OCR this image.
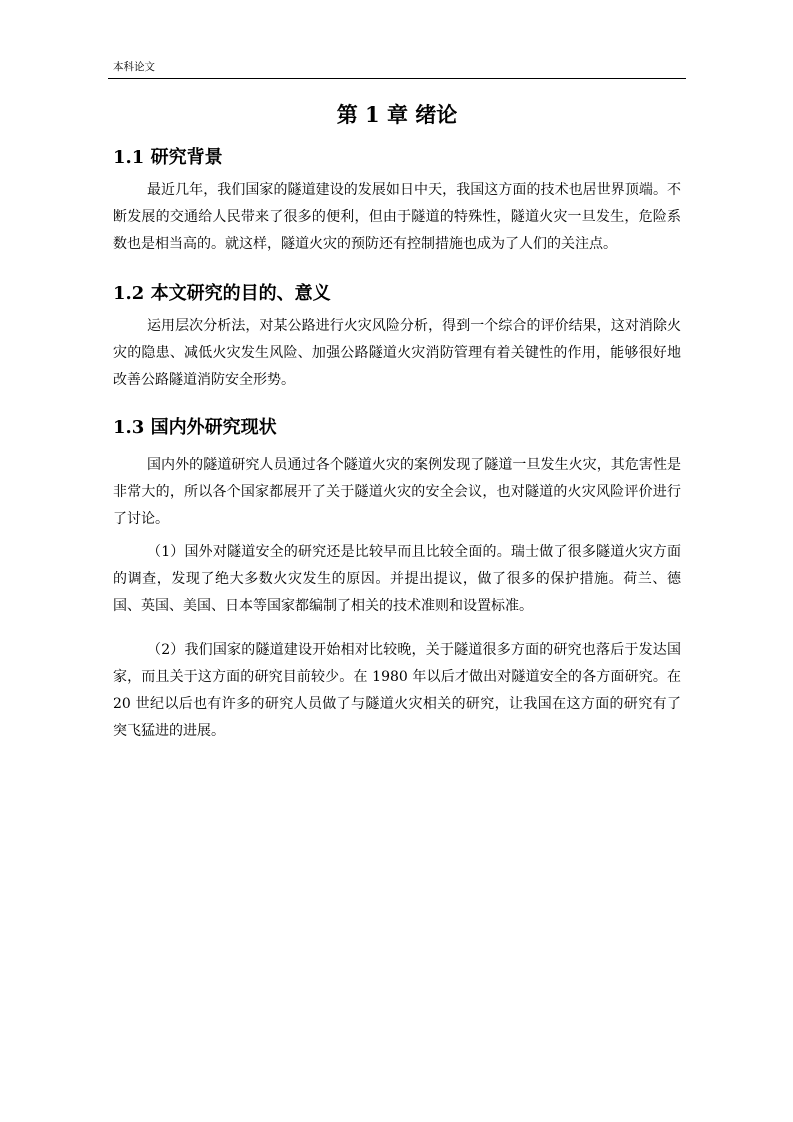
本科论文
第 1 章 绪论
1.1 研究背景

最近几年，我们国家的隧道建设的发展如日中天，我国这方面的技术也居世界顶端。不断发展的交通给人民带来了很多的便利，但由于隧道的特殊性，隧道火灾一旦发生，危险系数也是相当高的。就这样，隧道火灾的预防还有控制措施也成为了人们的关注点。

1.2 本文研究的目的、意义

运用层次分析法，对某公路进行火灾风险分析，得到一个综合的评价结果，这对消除火灾的隐患、减低火灾发生风险、加强公路隧道火灾消防管理有着关键性的作用，能够很好地改善公路隧道消防安全形势。

1.3 国内外研究现状

国内外的隧道研究人员通过各个隧道火灾的案例发现了隧道一旦发生火灾，其危害性是非常大的，所以各个国家都展开了关于隧道火灾的安全会议，也对隧道的火灾风险评价进行了讨论。

（1）国外对隧道安全的研究还是比较早而且比较全面的。瑞士做了很多隧道火灾方面的调查，发现了绝大多数火灾发生的原因。并提出提议，做了很多的保护措施。荷兰、德国、英国、美国、日本等国家都编制了相关的技术准则和设置标准。

（2）我们国家的隧道建设开始相对比较晚，关于隧道很多方面的研究也落后于发达国家，而且关于这方面的研究目前较少。在 1980 年以后才做出对隧道安全的各方面研究。在 20 世纪以后也有许多的研究人员做了与隧道火灾相关的研究，让我国在这方面的研究有了突飞猛进的进展。
